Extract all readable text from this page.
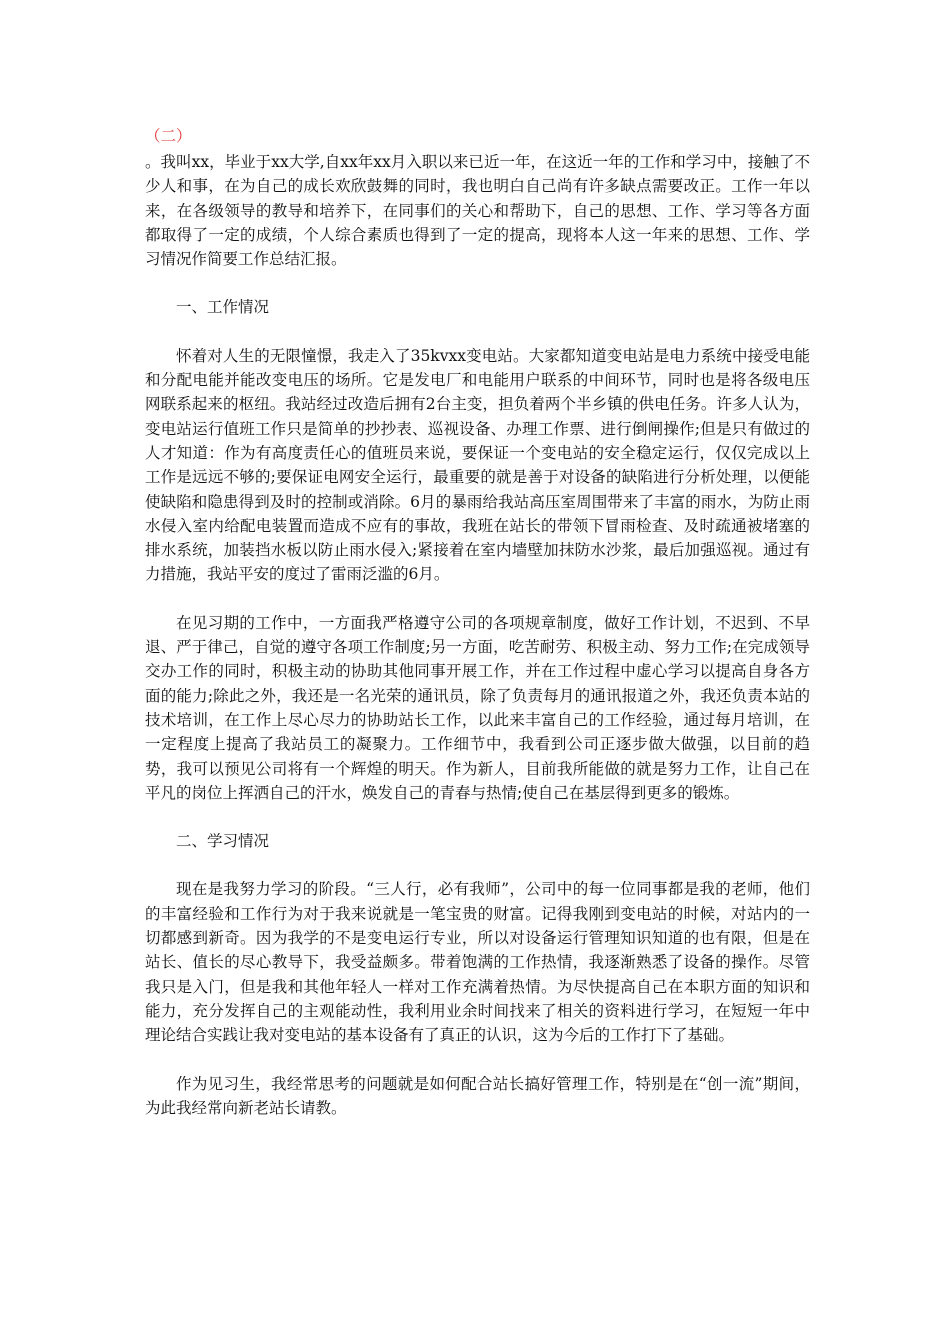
（二）

。我叫xx，毕业于xx大学,自xx年xx月入职以来已近一年，在这近一年的工作和学习中，接触了不少人和事，在为自己的成长欢欣鼓舞的同时，我也明白自己尚有许多缺点需要改正。工作一年以来，在各级领导的教导和培养下，在同事们的关心和帮助下，自己的思想、工作、学习等各方面都取得了一定的成绩，个人综合素质也得到了一定的提高，现将本人这一年来的思想、工作、学习情况作简要工作总结汇报。

一、工作情况

怀着对人生的无限憧憬，我走入了35kvxx变电站。大家都知道变电站是电力系统中接受电能和分配电能并能改变电压的场所。它是发电厂和电能用户联系的中间环节，同时也是将各级电压网联系起来的枢纽。我站经过改造后拥有2台主变，担负着两个半乡镇的供电任务。许多人认为，变电站运行值班工作只是简单的抄抄表、巡视设备、办理工作票、进行倒闸操作;但是只有做过的人才知道：作为有高度责任心的值班员来说，要保证一个变电站的安全稳定运行，仅仅完成以上工作是远远不够的;要保证电网安全运行，最重要的就是善于对设备的缺陷进行分析处理，以便能使缺陷和隐患得到及时的控制或消除。6月的暴雨给我站高压室周围带来了丰富的雨水，为防止雨水侵入室内给配电装置而造成不应有的事故，我班在站长的带领下冒雨检查、及时疏通被堵塞的排水系统，加装挡水板以防止雨水侵入;紧接着在室内墙壁加抹防水沙浆，最后加强巡视。通过有力措施，我站平安的度过了雷雨泛滥的6月。

在见习期的工作中，一方面我严格遵守公司的各项规章制度，做好工作计划，不迟到、不早退、严于律己，自觉的遵守各项工作制度;另一方面，吃苦耐劳、积极主动、努力工作;在完成领导交办工作的同时，积极主动的协助其他同事开展工作，并在工作过程中虚心学习以提高自身各方面的能力;除此之外，我还是一名光荣的通讯员，除了负责每月的通讯报道之外，我还负责本站的技术培训，在工作上尽心尽力的协助站长工作，以此来丰富自己的工作经验，通过每月培训，在一定程度上提高了我站员工的凝聚力。工作细节中，我看到公司正逐步做大做强，以目前的趋势，我可以预见公司将有一个辉煌的明天。作为新人，目前我所能做的就是努力工作，让自己在平凡的岗位上挥洒自己的汗水，焕发自己的青春与热情;使自己在基层得到更多的锻炼。

二、学习情况

现在是我努力学习的阶段。“三人行，必有我师”，公司中的每一位同事都是我的老师，他们的丰富经验和工作行为对于我来说就是一笔宝贵的财富。记得我刚到变电站的时候，对站内的一切都感到新奇。因为我学的不是变电运行专业，所以对设备运行管理知识知道的也有限，但是在站长、值长的尽心教导下，我受益颇多。带着饱满的工作热情，我逐渐熟悉了设备的操作。尽管我只是入门，但是我和其他年轻人一样对工作充满着热情。为尽快提高自己在本职方面的知识和能力，充分发挥自己的主观能动性，我利用业余时间找来了相关的资料进行学习，在短短一年中理论结合实践让我对变电站的基本设备有了真正的认识，这为今后的工作打下了基础。

作为见习生，我经常思考的问题就是如何配合站长搞好管理工作，特别是在“创一流”期间，为此我经常向新老站长请教。
